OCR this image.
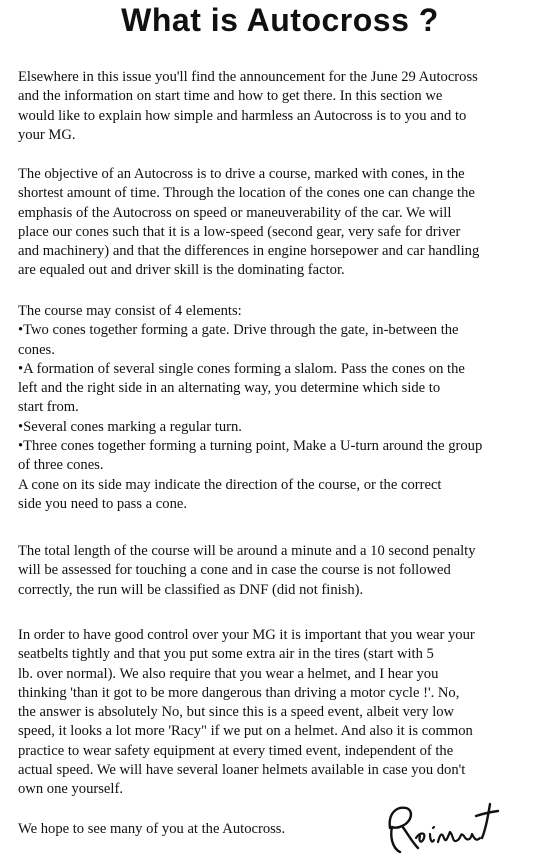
What is Autocross ?
Elsewhere in this issue you'll find the announcement for the June 29 Autocross
and the information on start time and how to get there. In this section we
would like to explain how simple and harmless an Autocross is to you and to
your MG.
The objective of an Autocross is to drive a course, marked with cones, in the
shortest amount of time. Through the location of the cones one can change the
emphasis of the Autocross on speed or maneuverability of the car. We will
place our cones such that it is a low-speed (second gear, very safe for driver
and machinery) and that the differences in engine horsepower and car handling
are equaled out and driver skill is the dominating factor.
The course may consist of 4 elements:
•Two cones together forming a gate. Drive through the gate, in-between the
cones.
•A formation of several single cones forming a slalom. Pass the cones on the
left and the right side in an alternating way, you determine which side to
start from.
•Several cones marking a regular turn.
•Three cones together forming a turning point, Make a U-turn around the group
of three cones.
A cone on its side may indicate the direction of the course, or the correct
side you need to pass a cone.
The total length of the course will be around a minute and a 10 second penalty
will be assessed for touching a cone and in case the course is not followed
correctly, the run will be classified as DNF (did not finish).
In order to have good control over your MG it is important that you wear your
seatbelts tightly and that you put some extra air in the tires (start with 5
lb. over normal). We also require that you wear a helmet, and I hear you
thinking 'than it got to be more dangerous than driving a motor cycle !'. No,
the answer is absolutely No, but since this is a speed event, albeit very low
speed, it looks a lot more 'Racy" if we put on a helmet. And also it is common
practice to wear safety equipment at every timed event, independent of the
actual speed. We will have several loaner helmets available in case you don't
own one yourself.
We hope to see many of you at the Autocross.
